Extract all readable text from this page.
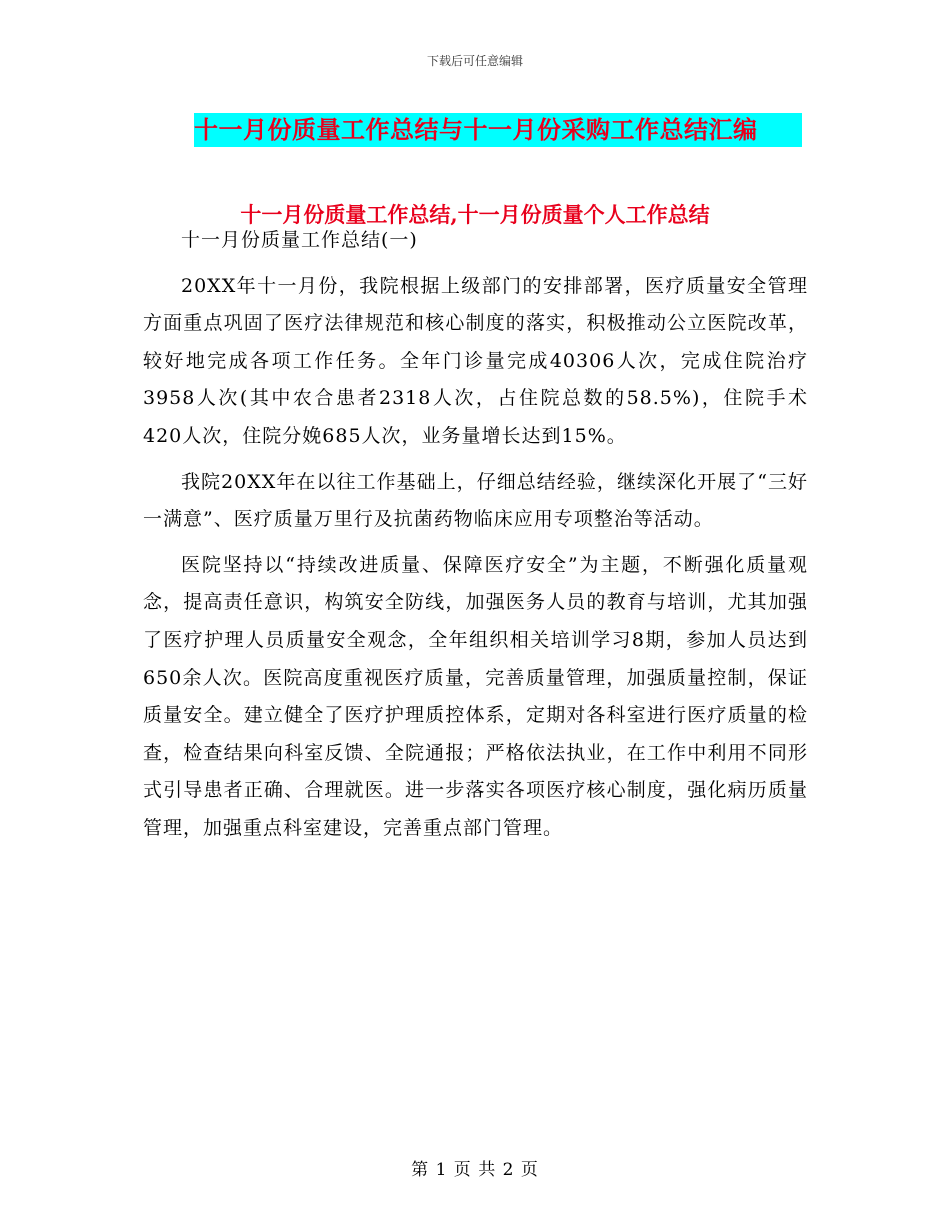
下载后可任意编辑
十一月份质量工作总结与十一月份采购工作总结汇编
十一月份质量工作总结,十一月份质量个人工作总结

十一月份质量工作总结(一)

20XX年十一月份，我院根据上级部门的安排部署，医疗质量安全管理方面重点巩固了医疗法律规范和核心制度的落实，积极推动公立医院改革，较好地完成各项工作任务。全年门诊量完成40306人次，完成住院治疗3958人次(其中农合患者2318人次，占住院总数的58.5%)，住院手术420人次，住院分娩685人次，业务量增长达到15%。

我院20XX年在以往工作基础上，仔细总结经验，继续深化开展了“三好一满意”、医疗质量万里行及抗菌药物临床应用专项整治等活动。

医院坚持以“持续改进质量、保障医疗安全”为主题，不断强化质量观念，提高责任意识，构筑安全防线，加强医务人员的教育与培训，尤其加强了医疗护理人员质量安全观念，全年组织相关培训学习8期，参加人员达到650余人次。医院高度重视医疗质量，完善质量管理，加强质量控制，保证质量安全。建立健全了医疗护理质控体系，定期对各科室进行医疗质量的检查，检查结果向科室反馈、全院通报；严格依法执业，在工作中利用不同形式引导患者正确、合理就医。进一步落实各项医疗核心制度，强化病历质量管理，加强重点科室建设，完善重点部门管理。

第 1 页 共 2 页
